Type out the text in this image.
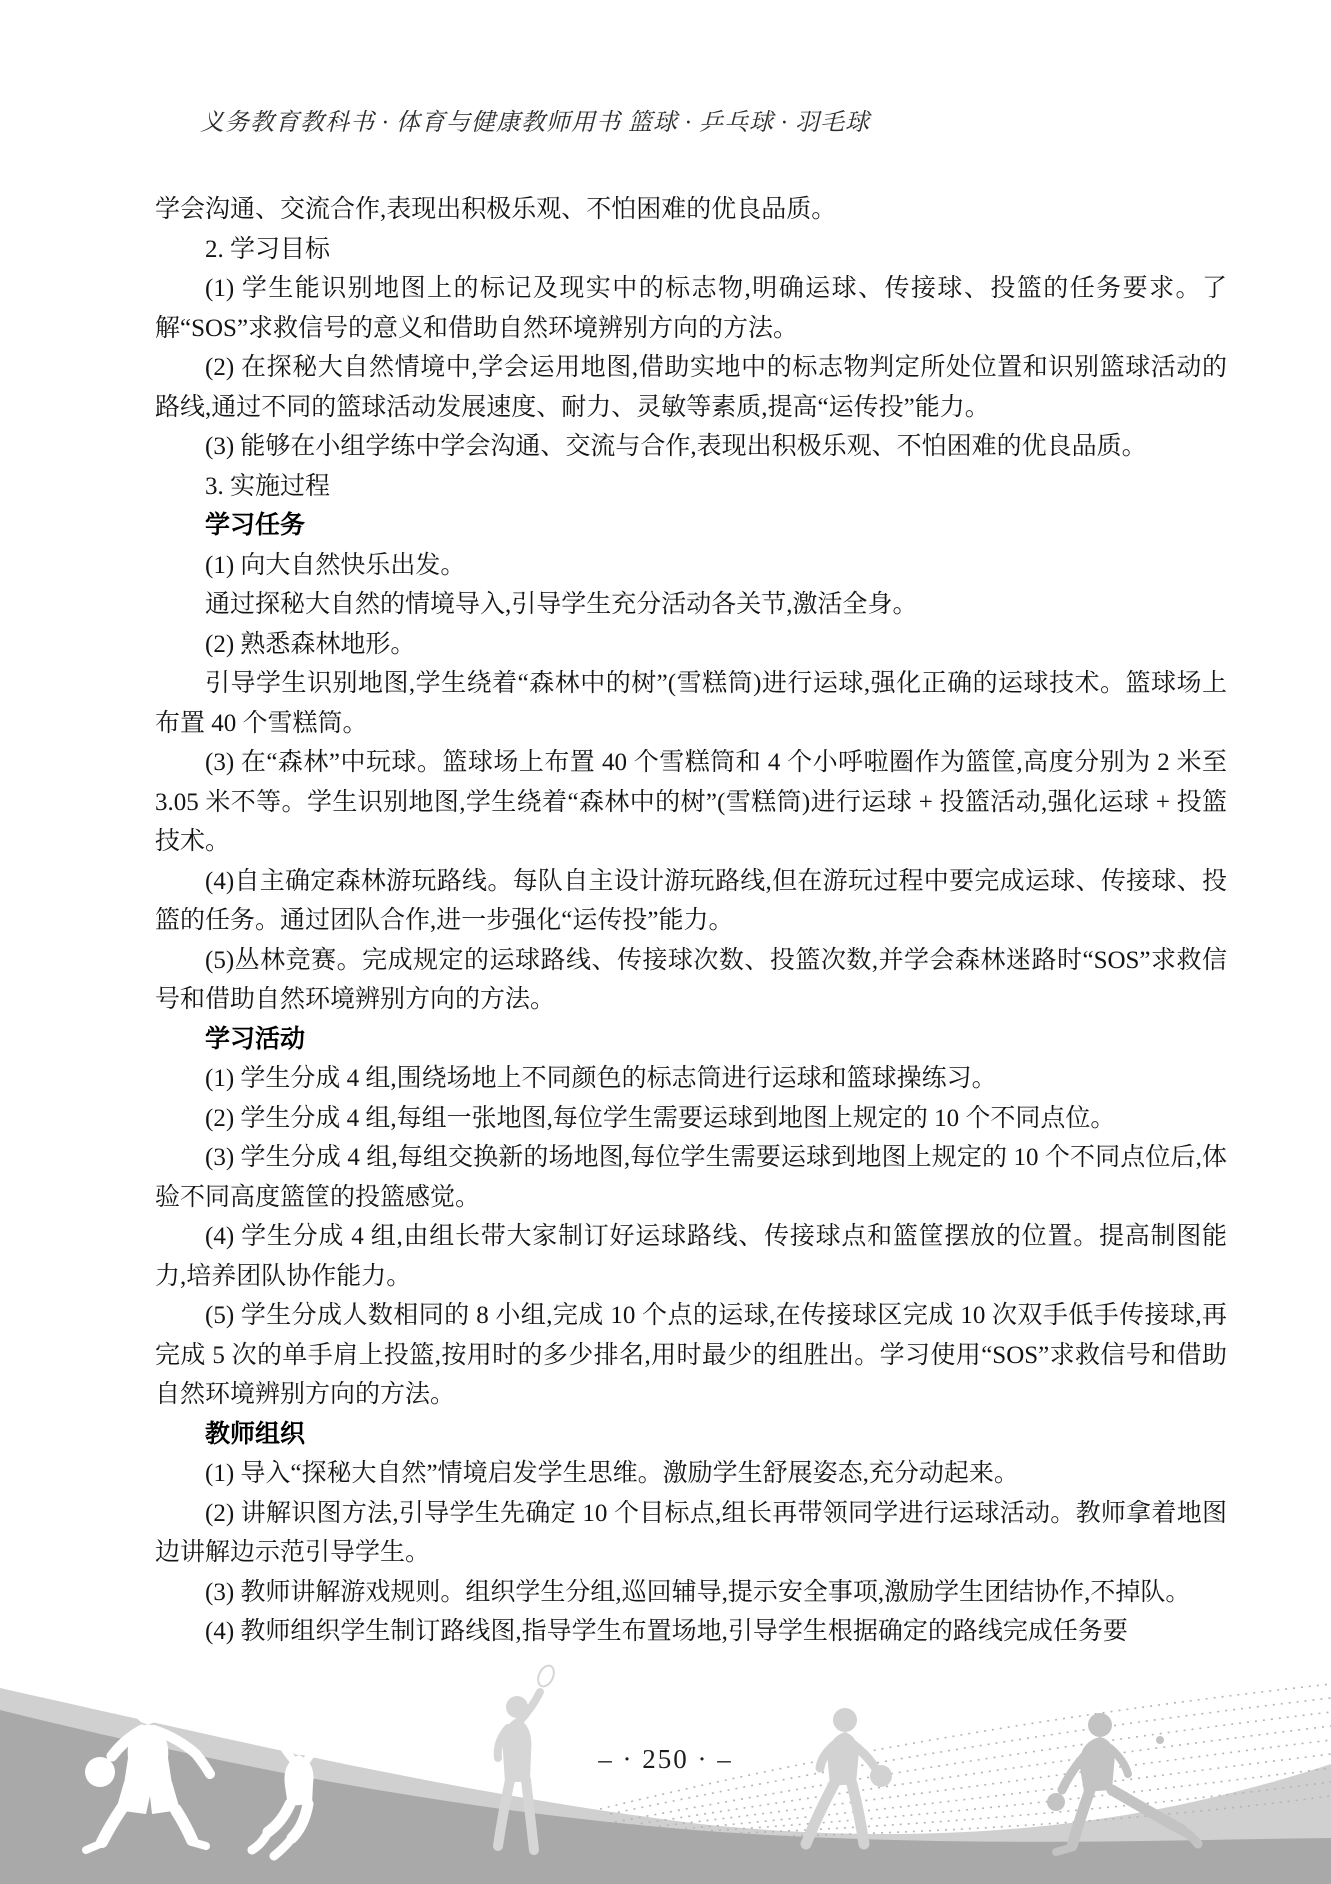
义务教育教科书 · 体育与健康教师用书 篮球 · 乒乓球 · 羽毛球

学会沟通、交流合作,表现出积极乐观、不怕困难的优良品质。

2. 学习目标

(1) 学生能识别地图上的标记及现实中的标志物,明确运球、传接球、投篮的任务要求。了解“SOS”求救信号的意义和借助自然环境辨别方向的方法。

(2) 在探秘大自然情境中,学会运用地图,借助实地中的标志物判定所处位置和识别篮球活动的路线,通过不同的篮球活动发展速度、耐力、灵敏等素质,提高“运传投”能力。

(3) 能够在小组学练中学会沟通、交流与合作,表现出积极乐观、不怕困难的优良品质。

3. 实施过程

学习任务

(1) 向大自然快乐出发。

通过探秘大自然的情境导入,引导学生充分活动各关节,激活全身。

(2) 熟悉森林地形。

引导学生识别地图,学生绕着“森林中的树”(雪糕筒)进行运球,强化正确的运球技术。篮球场上布置 40 个雪糕筒。

(3) 在“森林”中玩球。篮球场上布置 40 个雪糕筒和 4 个小呼啦圈作为篮筐,高度分别为 2 米至 3.05 米不等。学生识别地图,学生绕着“森林中的树”(雪糕筒)进行运球 + 投篮活动,强化运球 + 投篮技术。

(4)自主确定森林游玩路线。每队自主设计游玩路线,但在游玩过程中要完成运球、传接球、投篮的任务。通过团队合作,进一步强化“运传投”能力。

(5)丛林竞赛。完成规定的运球路线、传接球次数、投篮次数,并学会森林迷路时“SOS”求救信号和借助自然环境辨别方向的方法。

学习活动

(1) 学生分成 4 组,围绕场地上不同颜色的标志筒进行运球和篮球操练习。

(2) 学生分成 4 组,每组一张地图,每位学生需要运球到地图上规定的 10 个不同点位。

(3) 学生分成 4 组,每组交换新的场地图,每位学生需要运球到地图上规定的 10 个不同点位后,体验不同高度篮筐的投篮感觉。

(4) 学生分成 4 组,由组长带大家制订好运球路线、传接球点和篮筐摆放的位置。提高制图能力,培养团队协作能力。

(5) 学生分成人数相同的 8 小组,完成 10 个点的运球,在传接球区完成 10 次双手低手传接球,再完成 5 次的单手肩上投篮,按用时的多少排名,用时最少的组胜出。学习使用“SOS”求救信号和借助自然环境辨别方向的方法。

教师组织

(1) 导入“探秘大自然”情境启发学生思维。激励学生舒展姿态,充分动起来。

(2) 讲解识图方法,引导学生先确定 10 个目标点,组长再带领同学进行运球活动。教师拿着地图边讲解边示范引导学生。

(3) 教师讲解游戏规则。组织学生分组,巡回辅导,提示安全事项,激励学生团结协作,不掉队。

(4) 教师组织学生制订路线图,指导学生布置场地,引导学生根据确定的路线完成任务要

– · 250 · –
